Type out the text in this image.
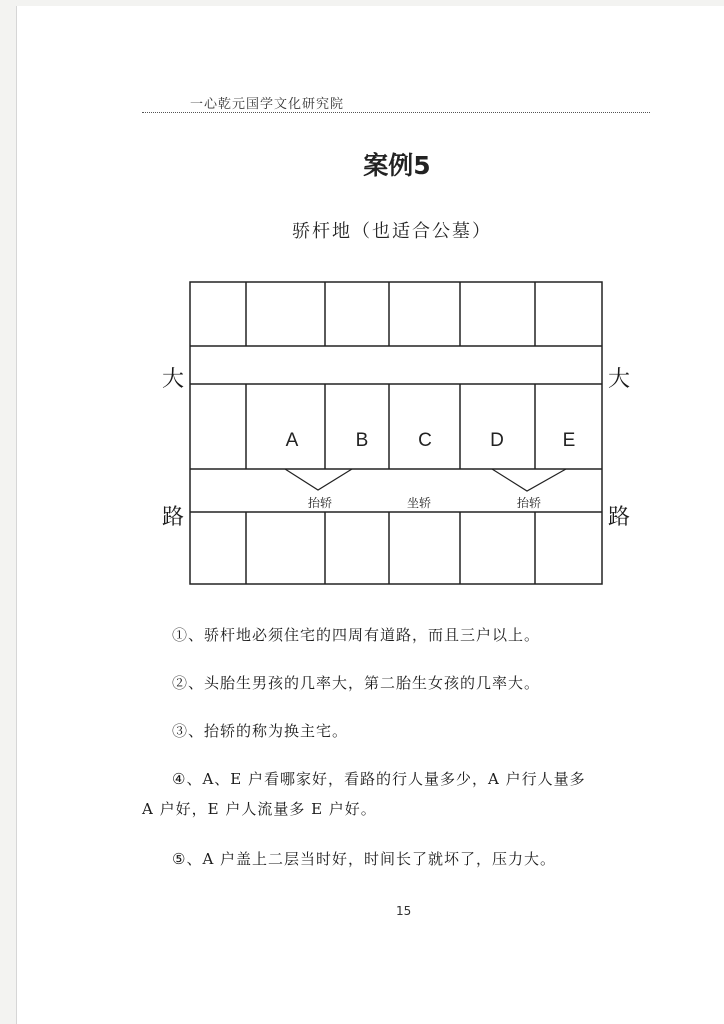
一心乾元国学文化研究院
案例5
骄杆地（也适合公墓）
A	B	C	D	E
抬轿	坐轿	抬轿
大
路
大
路
①、骄杆地必须住宅的四周有道路，而且三户以上。
②、头胎生男孩的几率大，第二胎生女孩的几率大。
③、抬轿的称为换主宅。
④、A、E 户看哪家好，看路的行人量多少，A 户行人量多
A 户好，E 户人流量多 E 户好。
⑤、A 户盖上二层当时好，时间长了就坏了，压力大。
15
